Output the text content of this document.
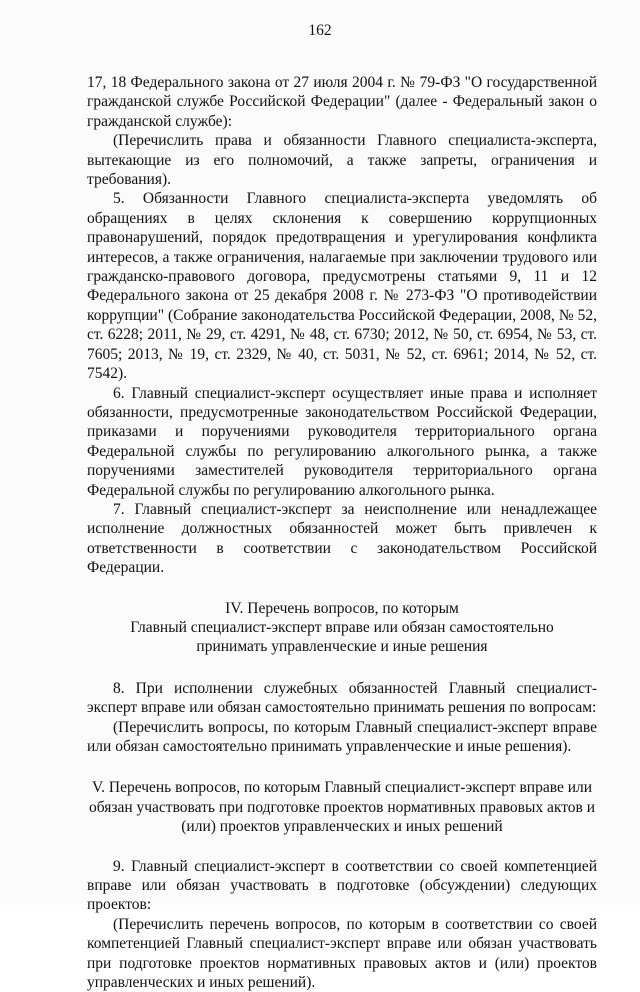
162

17, 18 Федерального закона от 27 июля 2004 г. № 79-ФЗ "О государственной гражданской службе Российской Федерации" (далее - Федеральный закон о гражданской службе):

(Перечислить права и обязанности Главного специалиста-эксперта, вытекающие из его полномочий, а также запреты, ограничения и требования).

5. Обязанности Главного специалиста-эксперта уведомлять об обращениях в целях склонения к совершению коррупционных правонарушений, порядок предотвращения и урегулирования конфликта интересов, а также ограничения, налагаемые при заключении трудового или гражданско-правового договора, предусмотрены статьями 9, 11 и 12 Федерального закона от 25 декабря 2008 г. № 273-ФЗ "О противодействии коррупции" (Собрание законодательства Российской Федерации, 2008, № 52, ст. 6228; 2011, № 29, ст. 4291, № 48, ст. 6730; 2012, № 50, ст. 6954, № 53, ст. 7605; 2013, № 19, ст. 2329, № 40, ст. 5031, № 52, ст. 6961; 2014, № 52, ст. 7542).

6. Главный специалист-эксперт осуществляет иные права и исполняет обязанности, предусмотренные законодательством Российской Федерации, приказами и поручениями руководителя территориального органа Федеральной службы по регулированию алкогольного рынка, а также поручениями заместителей руководителя территориального органа Федеральной службы по регулированию алкогольного рынка.

7. Главный специалист-эксперт за неисполнение или ненадлежащее исполнение должностных обязанностей может быть привлечен к ответственности в соответствии с законодательством Российской Федерации.

IV. Перечень вопросов, по которым
Главный специалист-эксперт вправе или обязан самостоятельно
принимать управленческие и иные решения

8. При исполнении служебных обязанностей Главный специалист-эксперт вправе или обязан самостоятельно принимать решения по вопросам:

(Перечислить вопросы, по которым Главный специалист-эксперт вправе или обязан самостоятельно принимать управленческие и иные решения).

V. Перечень вопросов, по которым Главный специалист-эксперт вправе или
обязан участвовать при подготовке проектов нормативных правовых актов и
(или) проектов управленческих и иных решений

9. Главный специалист-эксперт в соответствии со своей компетенцией вправе или обязан участвовать в подготовке (обсуждении) следующих проектов:

(Перечислить перечень вопросов, по которым в соответствии со своей компетенцией Главный специалист-эксперт вправе или обязан участвовать при подготовке проектов нормативных правовых актов и (или) проектов управленческих и иных решений).
